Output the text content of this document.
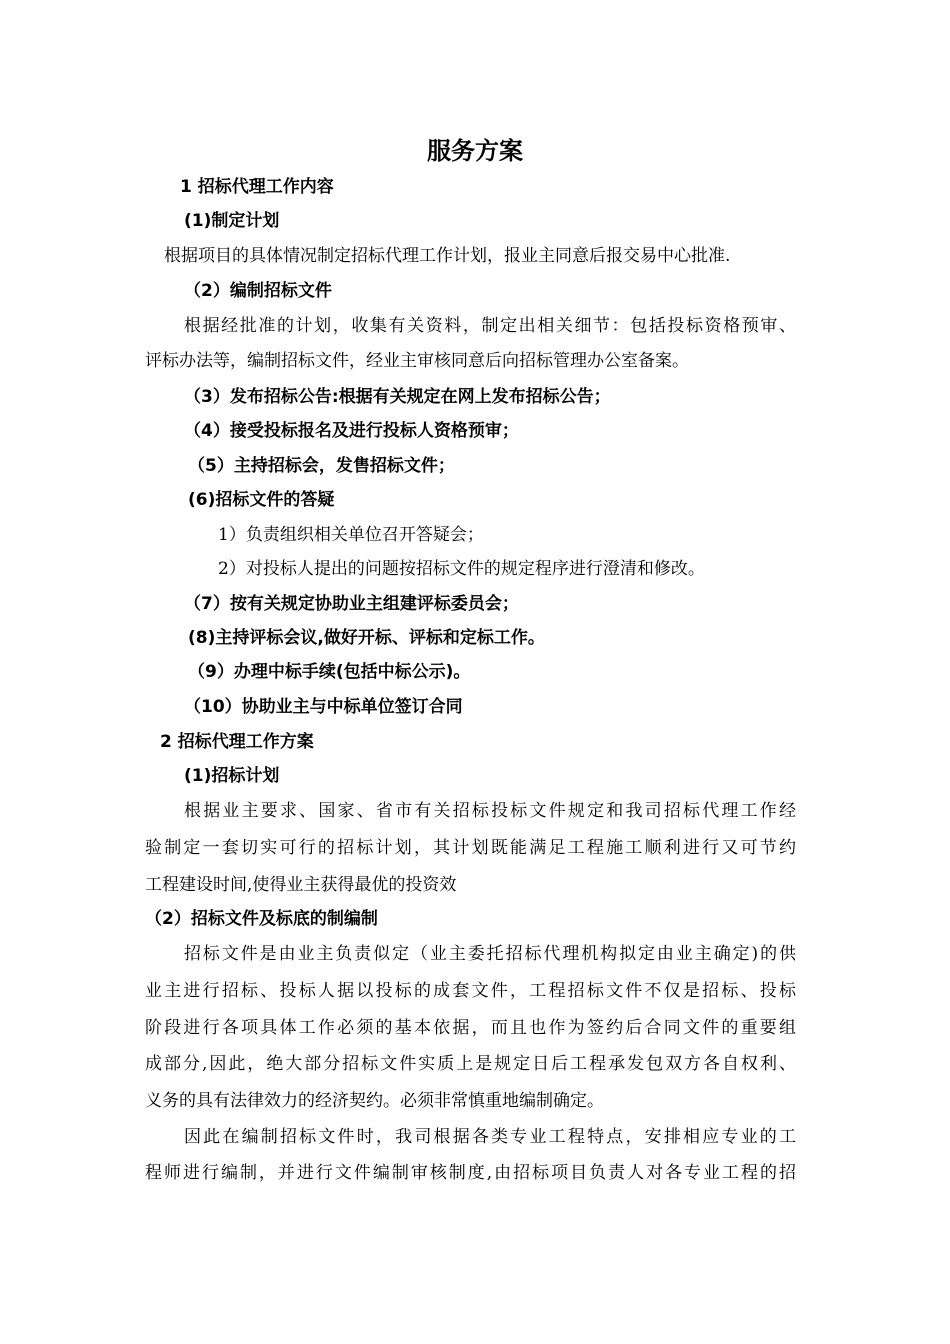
服务方案
1 招标代理工作内容
(1)制定计划
根据项目的具体情况制定招标代理工作计划，报业主同意后报交易中心批准.
（2）编制招标文件
根据经批准的计划，收集有关资料，制定出相关细节：包括投标资格预审、
评标办法等，编制招标文件，经业主审核同意后向招标管理办公室备案。
（3）发布招标公告:根据有关规定在网上发布招标公告；
（4）接受投标报名及进行投标人资格预审；
（5）主持招标会，发售招标文件；
(6)招标文件的答疑
1）负责组织相关单位召开答疑会；
2）对投标人提出的问题按招标文件的规定程序进行澄清和修改。
（7）按有关规定协助业主组建评标委员会；
(8)主持评标会议,做好开标、评标和定标工作。
（9）办理中标手续(包括中标公示)。
（10）协助业主与中标单位签订合同
2 招标代理工作方案
(1)招标计划
根据业主要求、国家、省市有关招标投标文件规定和我司招标代理工作经
验制定一套切实可行的招标计划，其计划既能满足工程施工顺利进行又可节约
工程建设时间,使得业主获得最优的投资效
（2）招标文件及标底的制编制
招标文件是由业主负责似定（业主委托招标代理机构拟定由业主确定)的供
业主进行招标、投标人据以投标的成套文件，工程招标文件不仅是招标、投标
阶段进行各项具体工作必须的基本依据，而且也作为签约后合同文件的重要组
成部分,因此，绝大部分招标文件实质上是规定日后工程承发包双方各自权利、
义务的具有法律效力的经济契约。必须非常慎重地编制确定。
因此在编制招标文件时，我司根据各类专业工程特点，安排相应专业的工
程师进行编制，并进行文件编制审核制度,由招标项目负责人对各专业工程的招
